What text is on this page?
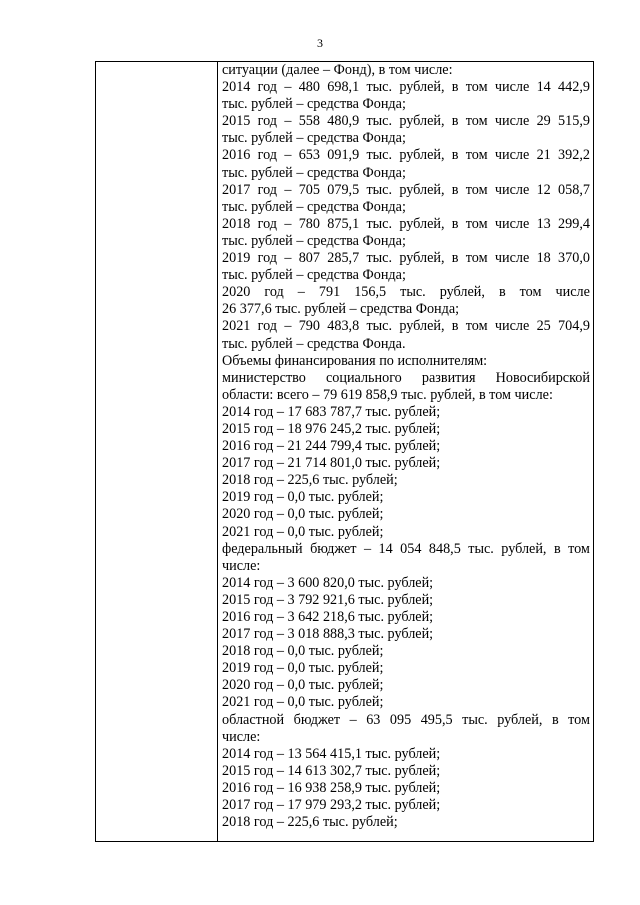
3
ситуации (далее – Фонд), в том числе:
2014 год – 480 698,1 тыс. рублей, в том числе 14 442,9
тыс. рублей – средства Фонда;
2015 год – 558 480,9 тыс. рублей, в том числе 29 515,9
тыс. рублей – средства Фонда;
2016 год – 653 091,9 тыс. рублей, в том числе 21 392,2
тыс. рублей – средства Фонда;
2017 год – 705 079,5 тыс. рублей, в том числе 12 058,7
тыс. рублей – средства Фонда;
2018 год – 780 875,1 тыс. рублей, в том числе 13 299,4
тыс. рублей – средства Фонда;
2019 год – 807 285,7 тыс. рублей, в том числе 18 370,0
тыс. рублей – средства Фонда;
2020 год – 791 156,5 тыс. рублей, в том числе
26 377,6 тыс. рублей – средства Фонда;
2021 год – 790 483,8 тыс. рублей, в том числе 25 704,9
тыс. рублей – средства Фонда.
Объемы финансирования по исполнителям:
министерство социального развития Новосибирской
области: всего – 79 619 858,9 тыс. рублей, в том числе:
2014 год – 17 683 787,7 тыс. рублей;
2015 год – 18 976 245,2 тыс. рублей;
2016 год – 21 244 799,4 тыс. рублей;
2017 год – 21 714 801,0 тыс. рублей;
2018 год – 225,6 тыс. рублей;
2019 год – 0,0 тыс. рублей;
2020 год – 0,0 тыс. рублей;
2021 год – 0,0 тыс. рублей;
федеральный бюджет – 14 054 848,5 тыс. рублей, в том
числе:
2014 год – 3 600 820,0 тыс. рублей;
2015 год – 3 792 921,6 тыс. рублей;
2016 год – 3 642 218,6 тыс. рублей;
2017 год – 3 018 888,3 тыс. рублей;
2018 год – 0,0 тыс. рублей;
2019 год – 0,0 тыс. рублей;
2020 год – 0,0 тыс. рублей;
2021 год – 0,0 тыс. рублей;
областной бюджет – 63 095 495,5 тыс. рублей, в том
числе:
2014 год – 13 564 415,1 тыс. рублей;
2015 год – 14 613 302,7 тыс. рублей;
2016 год – 16 938 258,9 тыс. рублей;
2017 год – 17 979 293,2 тыс. рублей;
2018 год – 225,6 тыс. рублей;
